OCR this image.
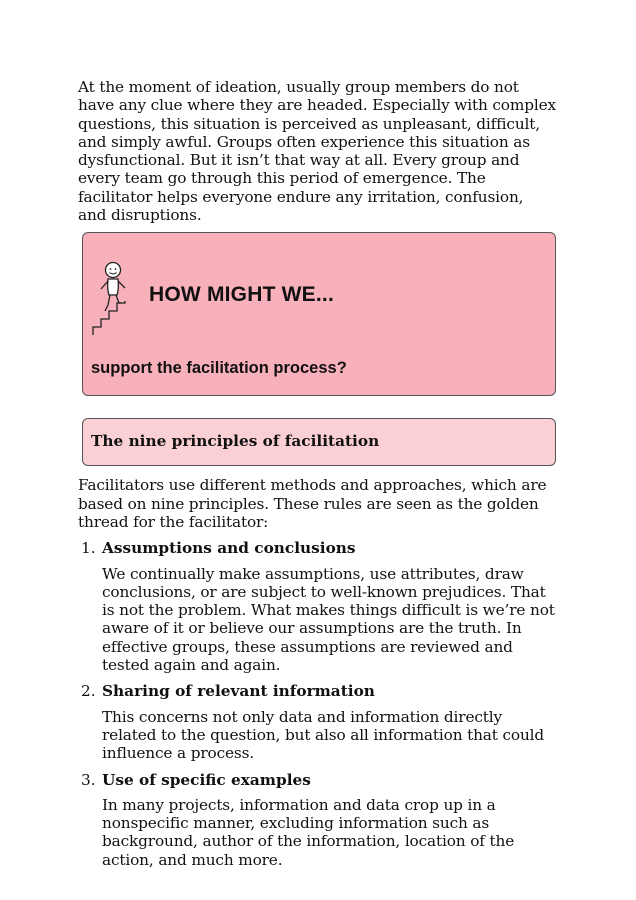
At the moment of ideation, usually group members do not have any clue where they are headed. Especially with complex questions, this situation is perceived as unpleasant, difficult, and simply awful. Groups often experience this situation as dysfunctional. But it isn’t that way at all. Every group and every team go through this period of emergence. The facilitator helps everyone endure any irritation, confusion, and disruptions.

HOW MIGHT WE...
support the facilitation process?
The nine principles of facilitation

Facilitators use different methods and approaches, which are based on nine principles. These rules are seen as the golden thread for the facilitator:

1. Assumptions and conclusions

We continually make assumptions, use attributes, draw conclusions, or are subject to well-known prejudices. That is not the problem. What makes things difficult is we’re not aware of it or believe our assumptions are the truth. In effective groups, these assumptions are reviewed and tested again and again.

2. Sharing of relevant information

This concerns not only data and information directly related to the question, but also all information that could influence a process.

3. Use of specific examples

In many projects, information and data crop up in a nonspecific manner, excluding information such as background, author of the information, location of the action, and much more.
